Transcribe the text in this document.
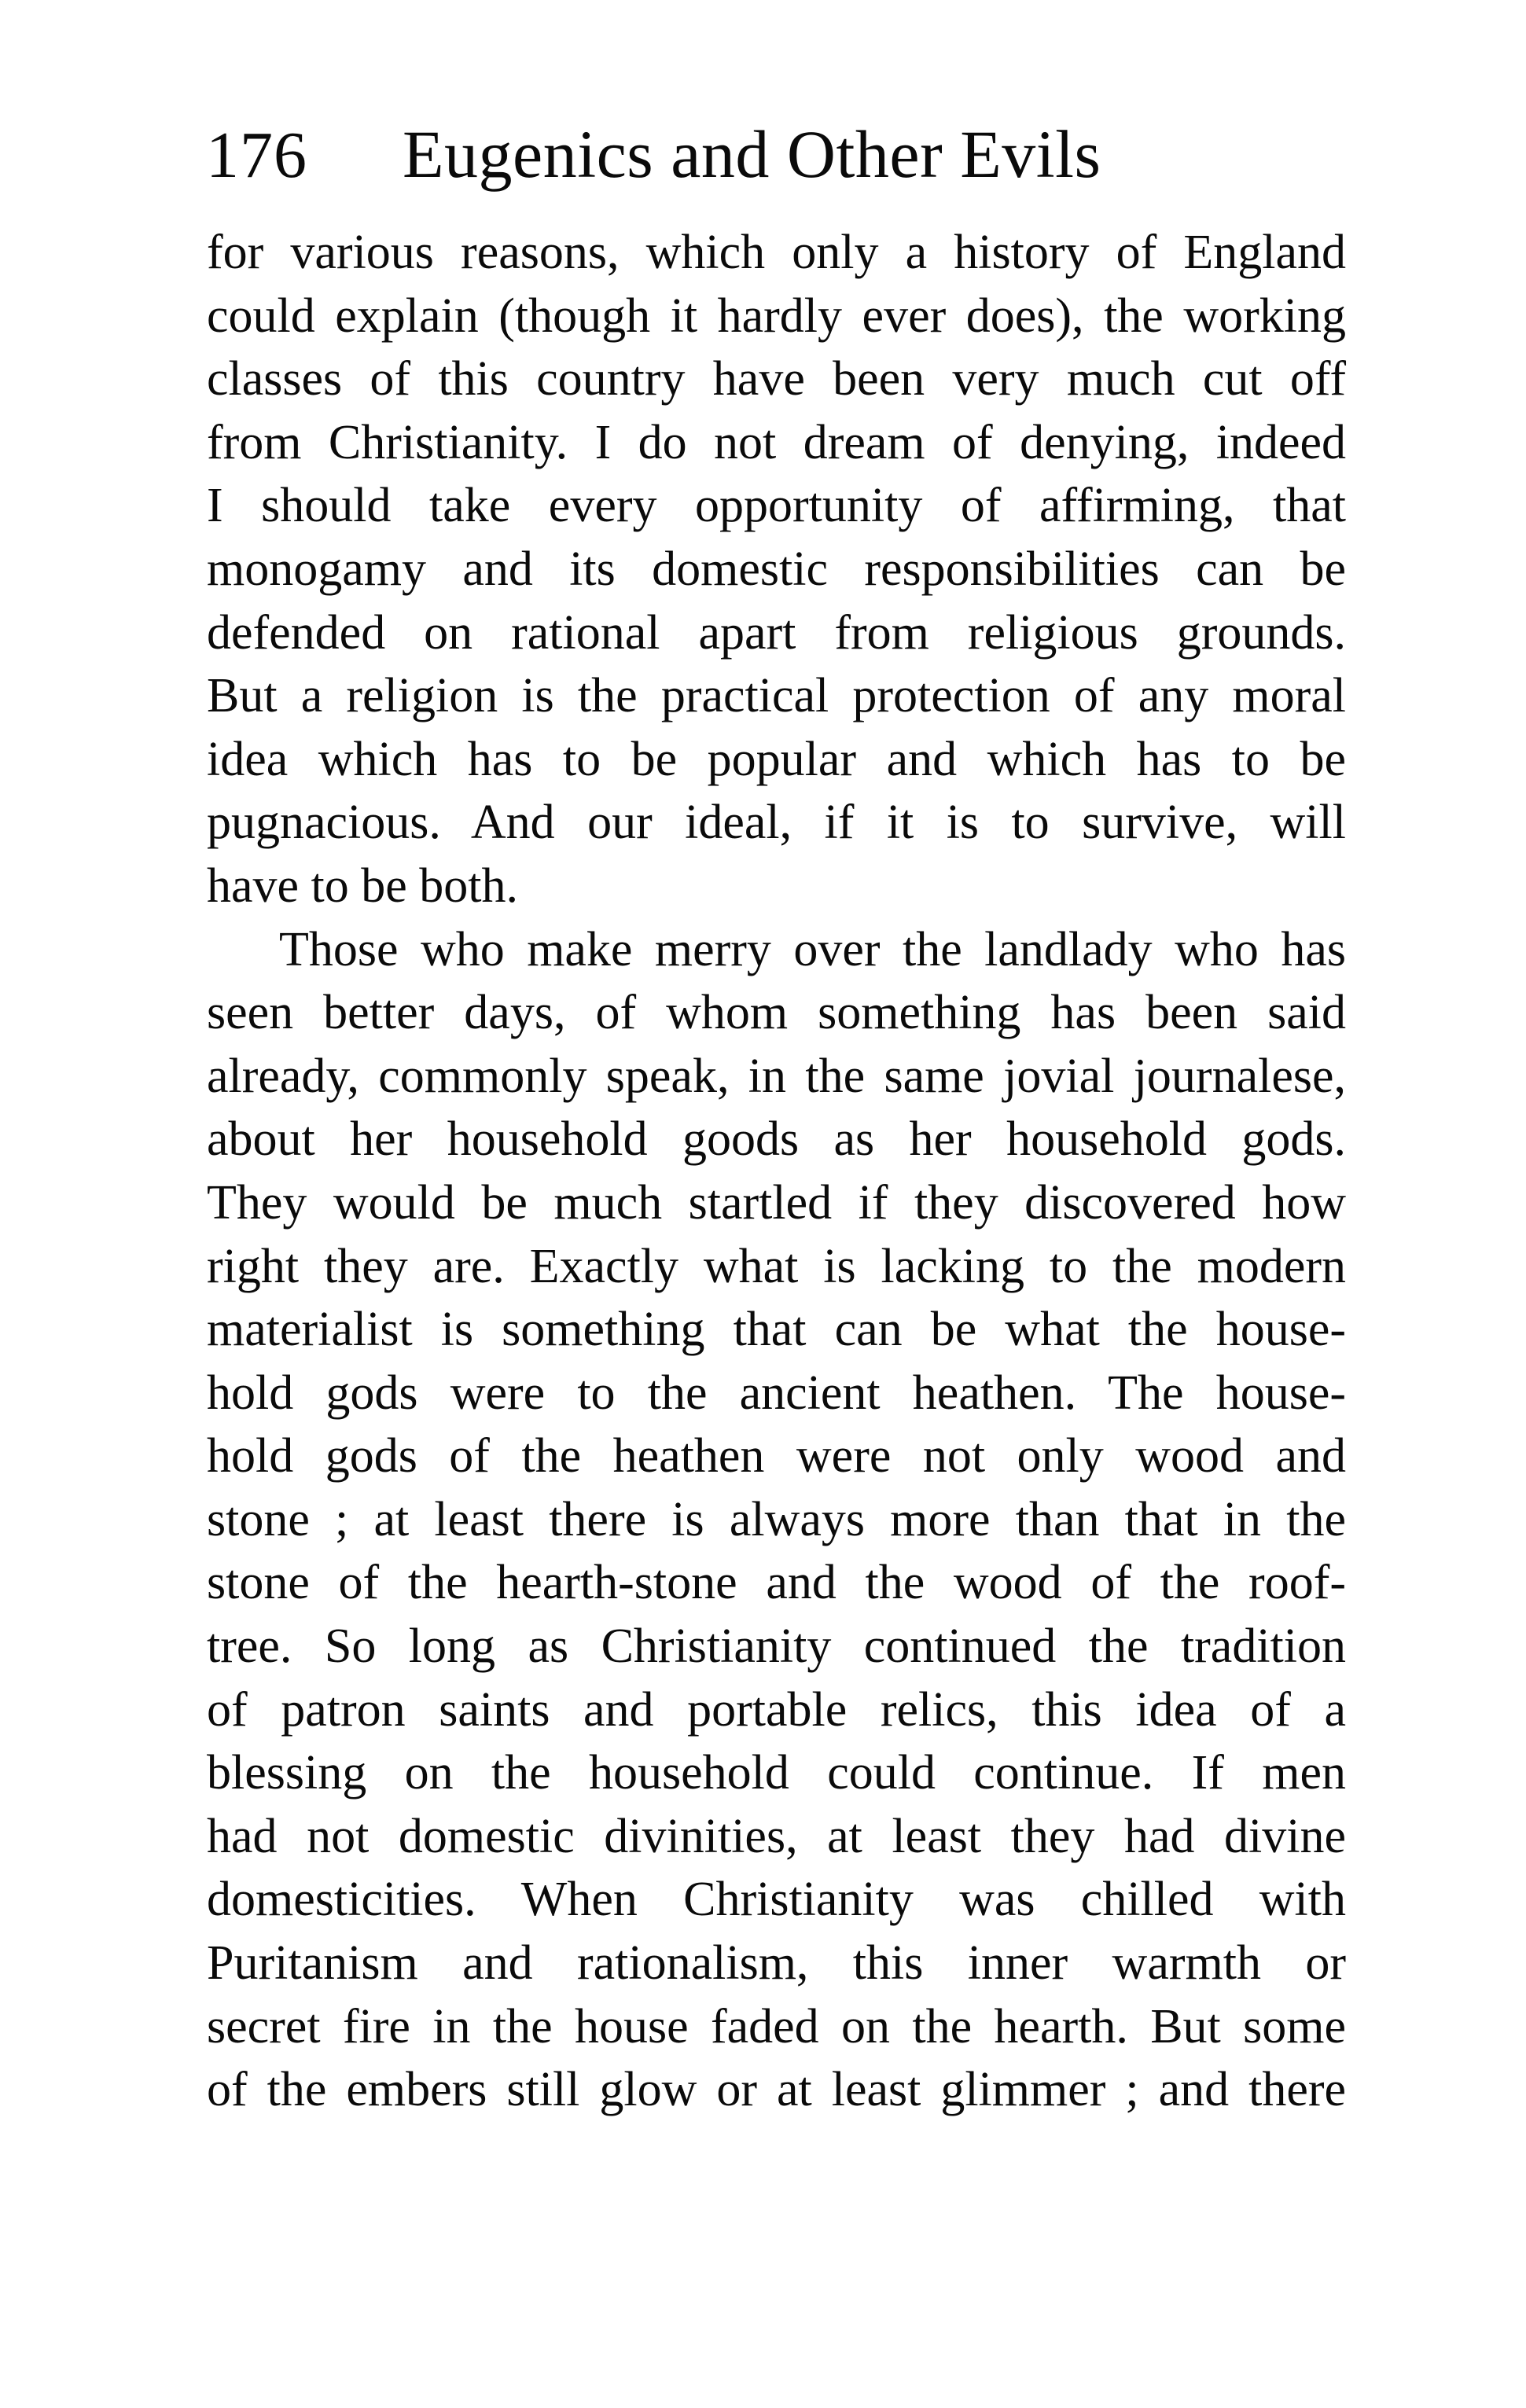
176 Eugenics and Other Evils
for various reasons, which only a history of England
could explain (though it hardly ever does), the working
classes of this country have been very much cut off
from Christianity. I do not dream of denying, indeed
I should take every opportunity of affirming, that
monogamy and its domestic responsibilities can be
defended on rational apart from religious grounds.
But a religion is the practical protection of any moral
idea which has to be popular and which has to be
pugnacious. And our ideal, if it is to survive, will
have to be both.
Those who make merry over the landlady who has
seen better days, of whom something has been said
already, commonly speak, in the same jovial journalese,
about her household goods as her household gods.
They would be much startled if they discovered how
right they are. Exactly what is lacking to the modern
materialist is something that can be what the house-
hold gods were to the ancient heathen. The house-
hold gods of the heathen were not only wood and
stone ; at least there is always more than that in the
stone of the hearth-stone and the wood of the roof-
tree. So long as Christianity continued the tradition
of patron saints and portable relics, this idea of a
blessing on the household could continue. If men
had not domestic divinities, at least they had divine
domesticities. When Christianity was chilled with
Puritanism and rationalism, this inner warmth or
secret fire in the house faded on the hearth. But some
of the embers still glow or at least glimmer ; and there
